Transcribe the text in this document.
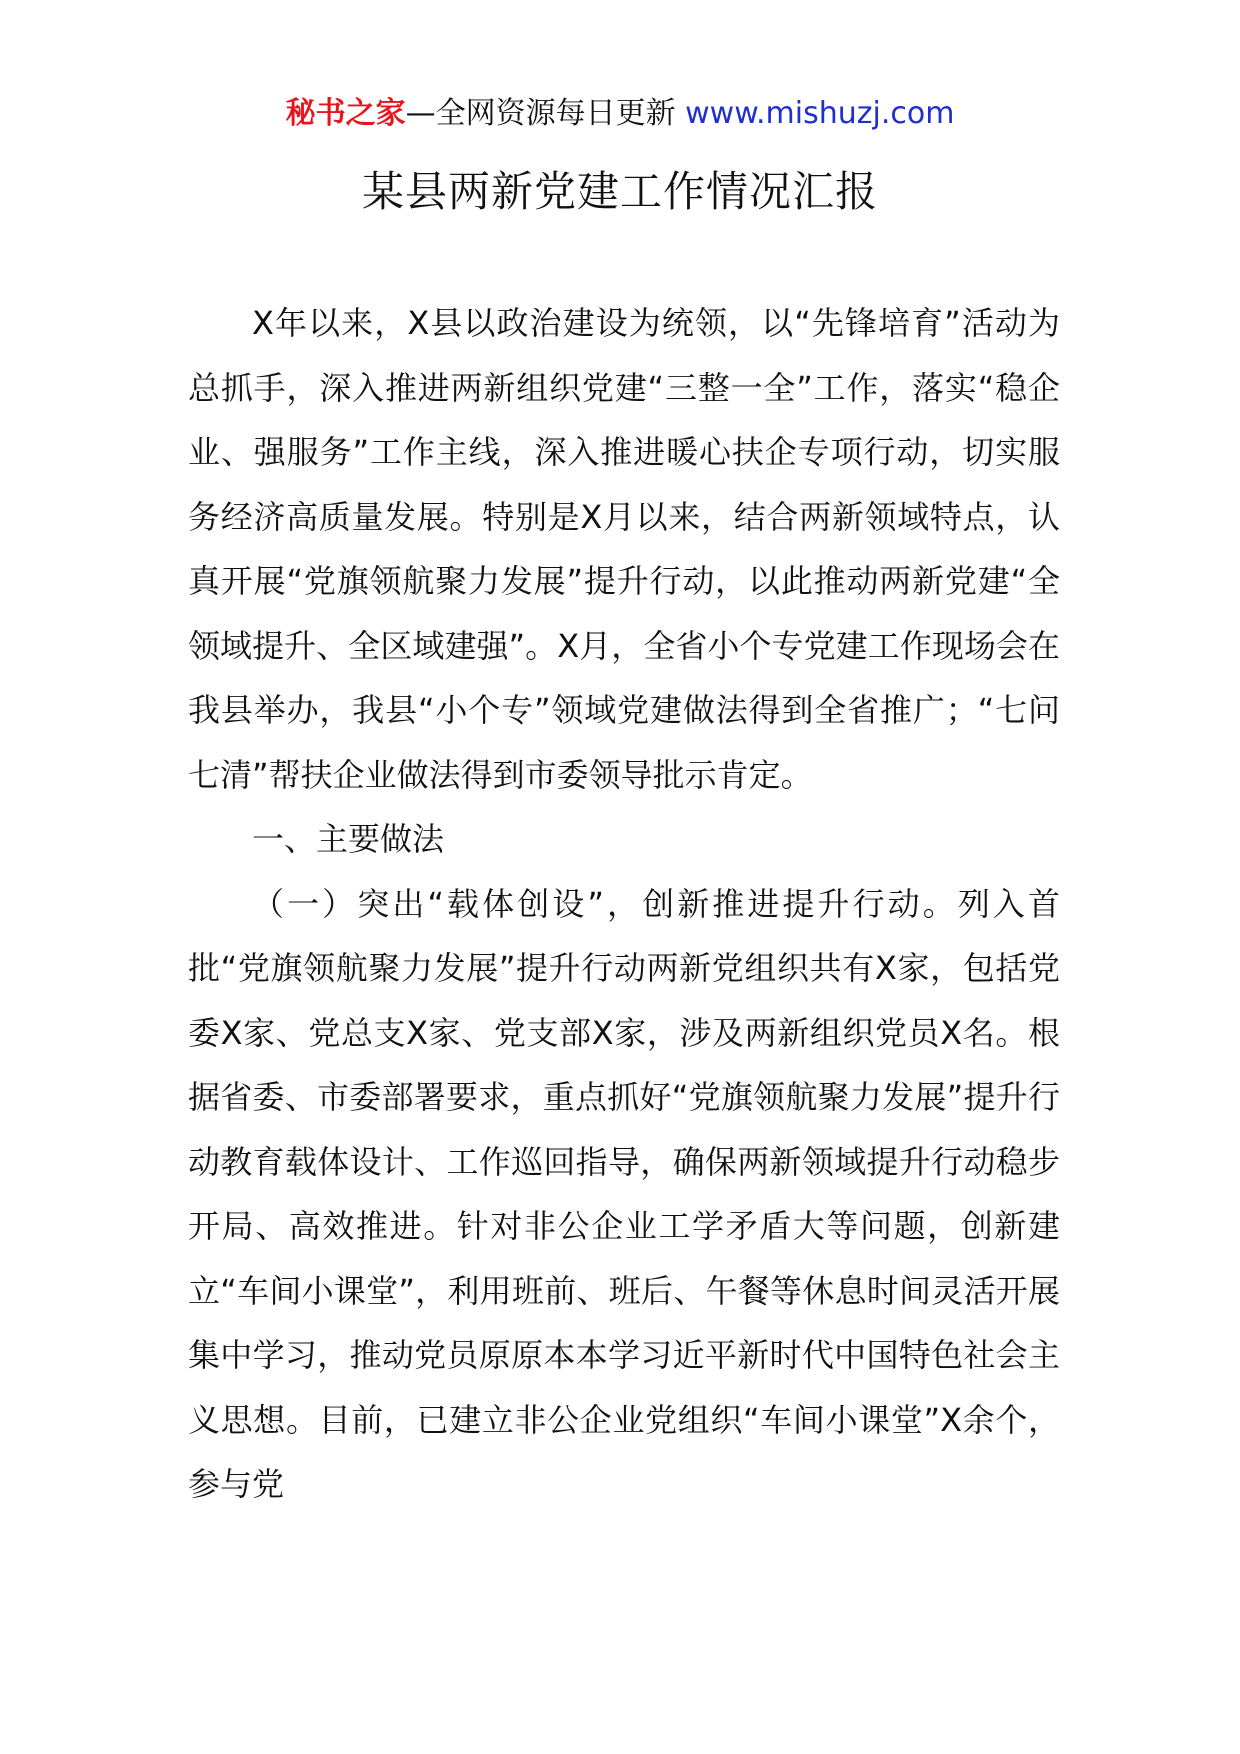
秘书之家—全网资源每日更新 www.mishuzj.com
某县两新党建工作情况汇报

X年以来，X县以政治建设为统领，以“先锋培育”活动为总抓手，深入推进两新组织党建“三整一全”工作，落实“稳企业、强服务”工作主线，深入推进暖心扶企专项行动，切实服务经济高质量发展。特别是X月以来，结合两新领域特点，认真开展“党旗领航聚力发展”提升行动，以此推动两新党建“全领域提升、全区域建强”。X月，全省小个专党建工作现场会在我县举办，我县“小个专”领域党建做法得到全省推广；“七问七清”帮扶企业做法得到市委领导批示肯定。

一、主要做法

（一）突出“载体创设”，创新推进提升行动。列入首批“党旗领航聚力发展”提升行动两新党组织共有X家，包括党委X家、党总支X家、党支部X家，涉及两新组织党员X名。根据省委、市委部署要求，重点抓好“党旗领航聚力发展”提升行动教育载体设计、工作巡回指导，确保两新领域提升行动稳步开局、高效推进。针对非公企业工学矛盾大等问题，创新建立“车间小课堂”，利用班前、班后、午餐等休息时间灵活开展集中学习，推动党员原原本本学习近平新时代中国特色社会主义思想。目前，已建立非公企业党组织“车间小课堂”X余个，参与党
